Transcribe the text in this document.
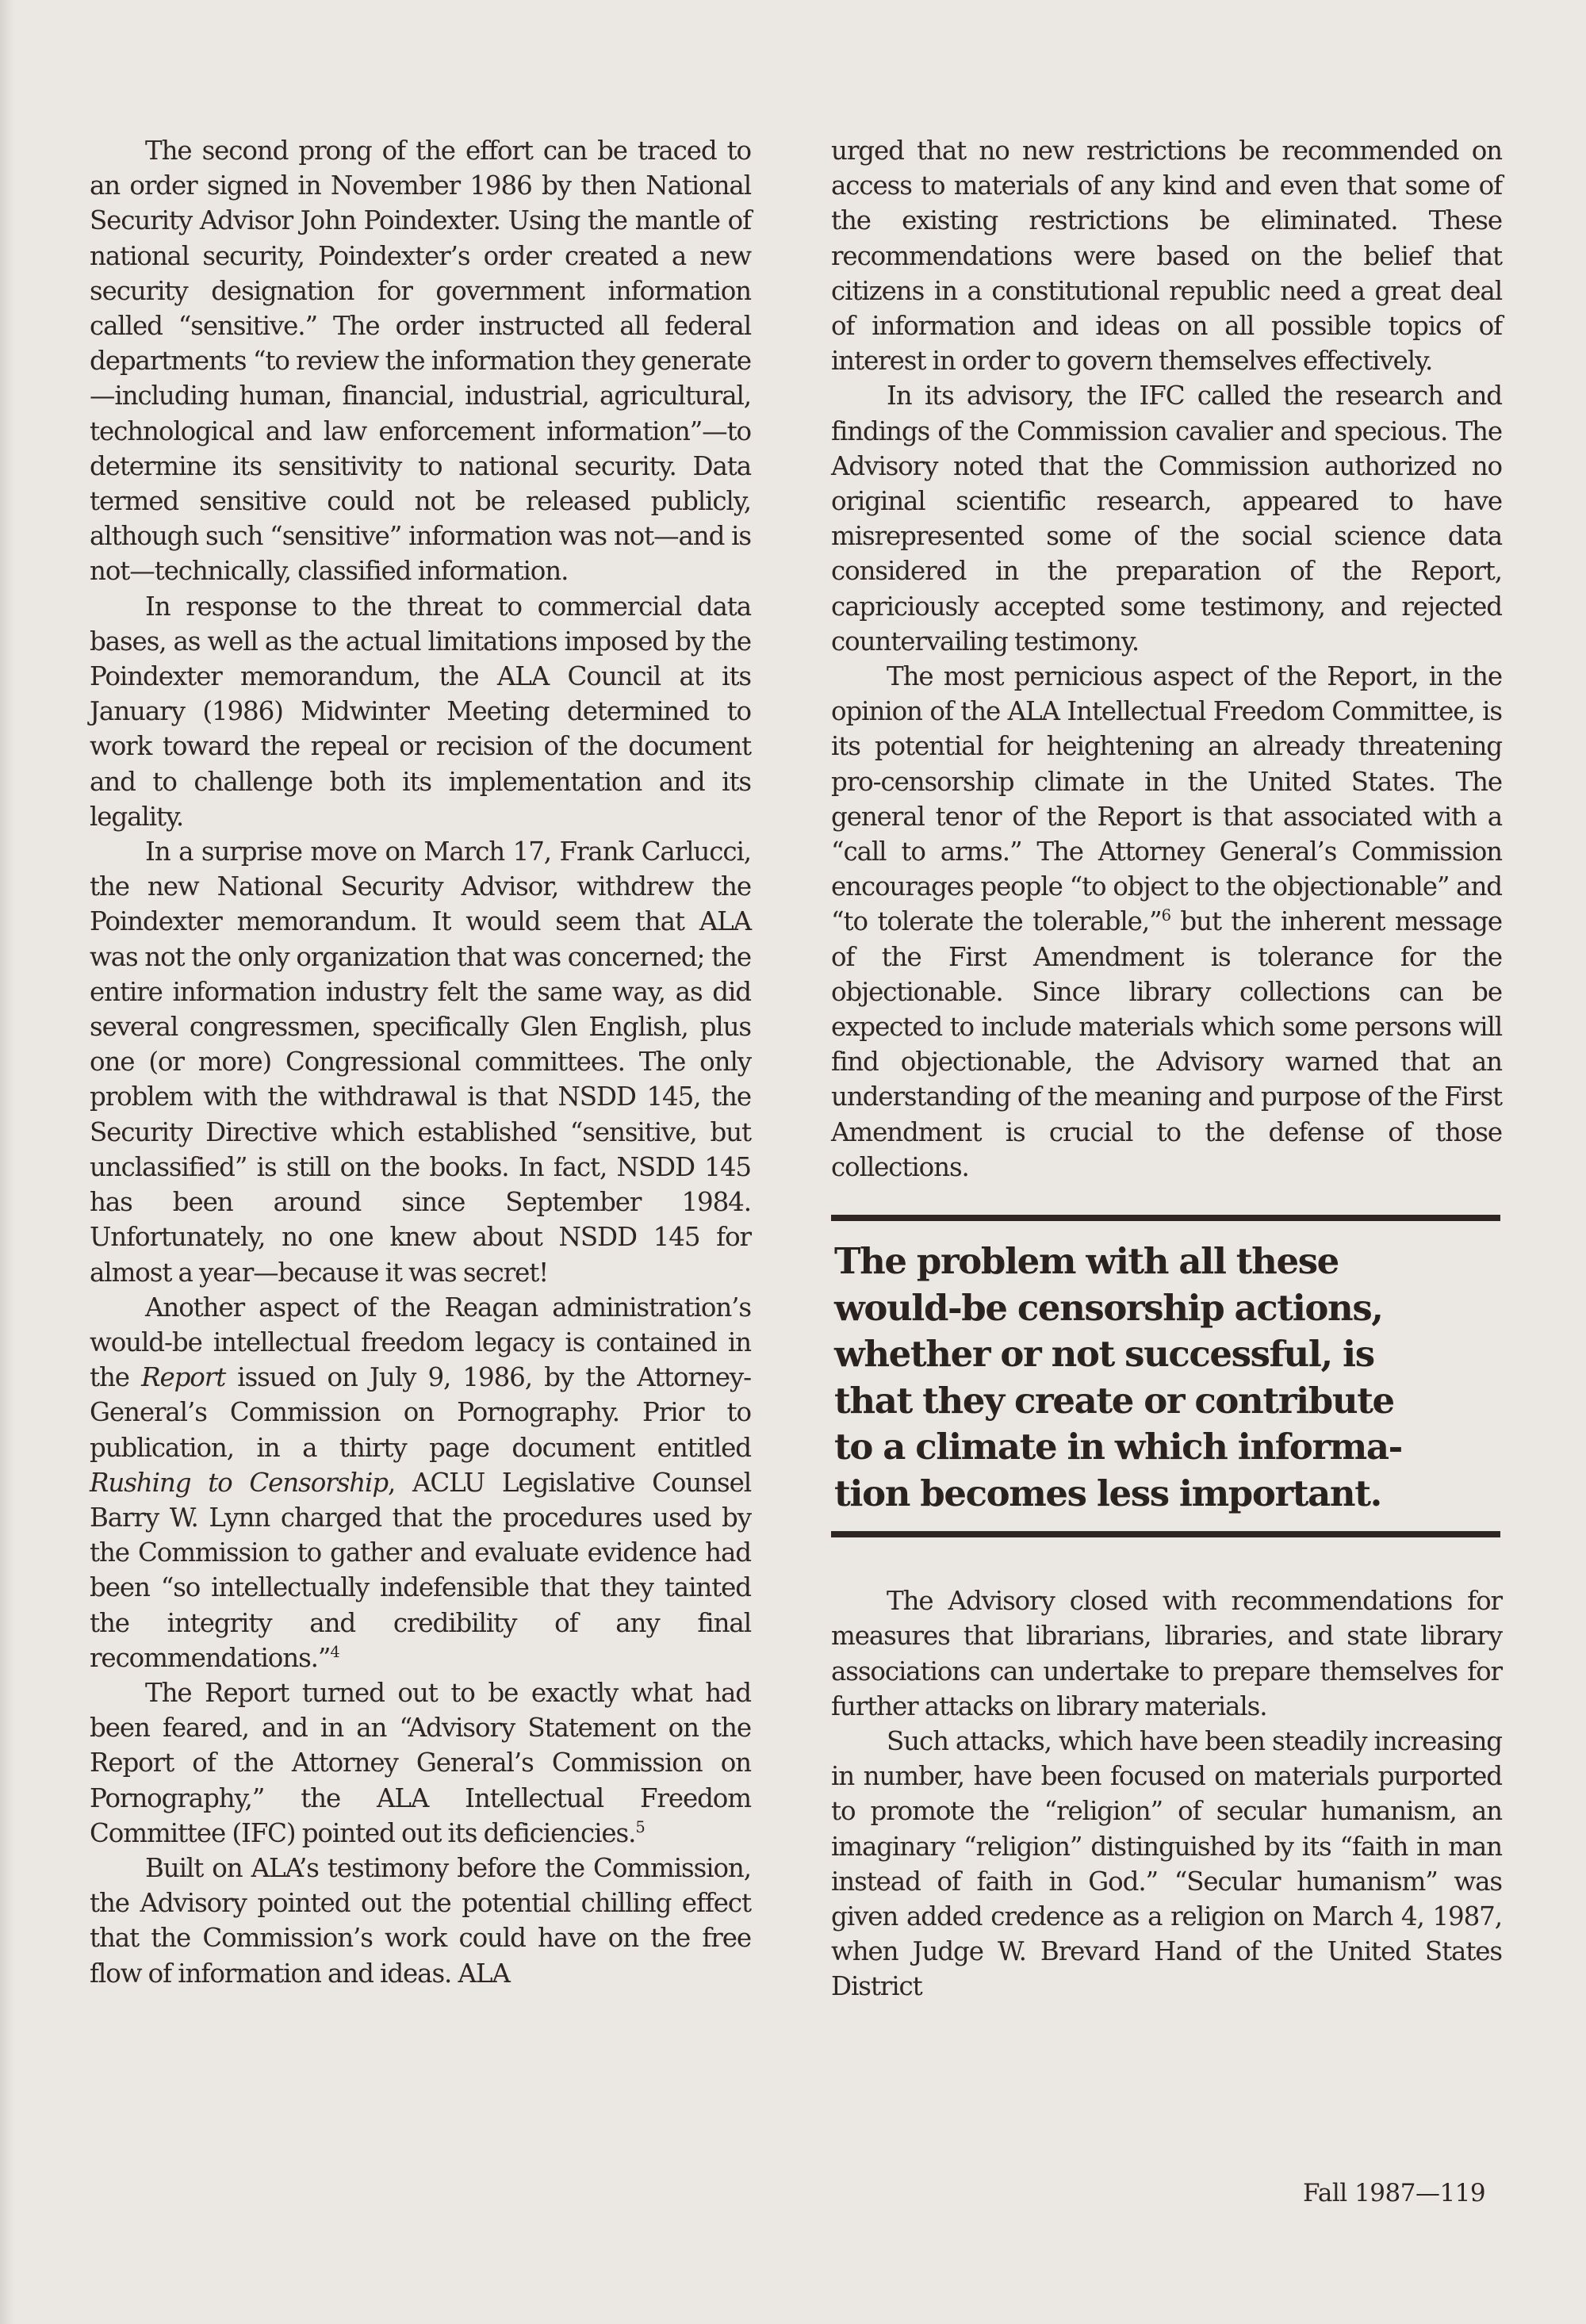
The second prong of the effort can be traced to an order signed in November 1986 by then National Security Advisor John Poindexter. Using the mantle of national security, Poindexter’s order created a new security designation for government information called “sensitive.” The order instructed all federal departments “to review the information they generate—including human, financial, industrial, agricultural, technological and law enforcement information”—to determine its sensitivity to national security. Data termed sensitive could not be released publicly, although such “sensitive” information was not—and is not—technically, classified information.

In response to the threat to commercial data bases, as well as the actual limitations imposed by the Poindexter memorandum, the ALA Council at its January (1986) Midwinter Meeting determined to work toward the repeal or recision of the document and to challenge both its implementation and its legality.

In a surprise move on March 17, Frank Carlucci, the new National Security Advisor, withdrew the Poindexter memorandum. It would seem that ALA was not the only organization that was concerned; the entire information industry felt the same way, as did several congressmen, specifically Glen English, plus one (or more) Congressional committees. The only problem with the withdrawal is that NSDD 145, the Security Directive which established “sensitive, but unclassified” is still on the books. In fact, NSDD 145 has been around since September 1984. Unfortunately, no one knew about NSDD 145 for almost a year—because it was secret!

Another aspect of the Reagan administration’s would-be intellectual freedom legacy is contained in the Report issued on July 9, 1986, by the Attorney-General’s Commission on Pornography. Prior to publication, in a thirty page document entitled Rushing to Censorship, ACLU Legislative Counsel Barry W. Lynn charged that the procedures used by the Commission to gather and evaluate evidence had been “so intellectually indefensible that they tainted the integrity and credibility of any final recommendations.”$^4$

The Report turned out to be exactly what had been feared, and in an “Advisory Statement on the Report of the Attorney General’s Commission on Pornography,” the ALA Intellectual Freedom Committee (IFC) pointed out its deficiencies.$^5$

Built on ALA’s testimony before the Commission, the Advisory pointed out the potential chilling effect that the Commission’s work could have on the free flow of information and ideas. ALA

urged that no new restrictions be recommended on access to materials of any kind and even that some of the existing restrictions be eliminated. These recommendations were based on the belief that citizens in a constitutional republic need a great deal of information and ideas on all possible topics of interest in order to govern themselves effectively.

In its advisory, the IFC called the research and findings of the Commission cavalier and specious. The Advisory noted that the Commission authorized no original scientific research, appeared to have misrepresented some of the social science data considered in the preparation of the Report, capriciously accepted some testimony, and rejected countervailing testimony.

The most pernicious aspect of the Report, in the opinion of the ALA Intellectual Freedom Committee, is its potential for heightening an already threatening pro-censorship climate in the United States. The general tenor of the Report is that associated with a “call to arms.” The Attorney General’s Commission encourages people “to object to the objectionable” and “to tolerate the tolerable,”$^6$ but the inherent message of the First Amendment is tolerance for the objectionable. Since library collections can be expected to include materials which some persons will find objectionable, the Advisory warned that an understanding of the meaning and purpose of the First Amendment is crucial to the defense of those collections.

The problem with all these
would-be censorship actions,
whether or not successful, is
that they create or contribute
to a climate in which informa-
tion becomes less important.

The Advisory closed with recommendations for measures that librarians, libraries, and state library associations can undertake to prepare themselves for further attacks on library materials.

Such attacks, which have been steadily increasing in number, have been focused on materials purported to promote the “religion” of secular humanism, an imaginary “religion” distinguished by its “faith in man instead of faith in God.” “Secular humanism” was given added credence as a religion on March 4, 1987, when Judge W. Brevard Hand of the United States District

Fall 1987—119
